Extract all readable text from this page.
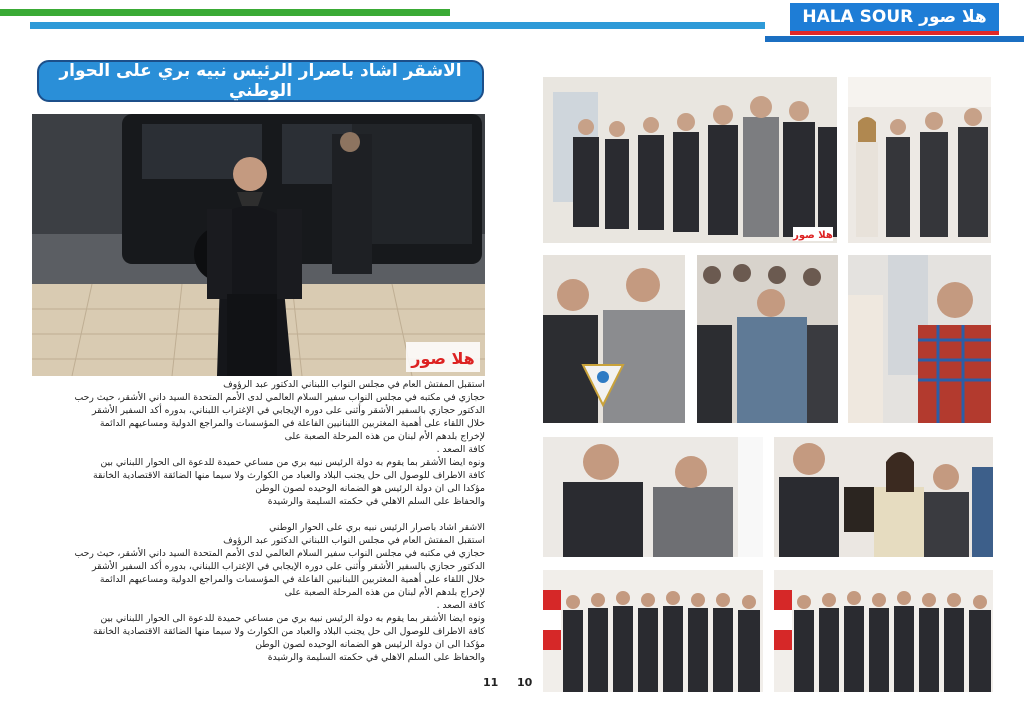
HALA SOUR هلا صور
الاشقر اشاد باصرار الرئيس نبيه بري على الحوار الوطني
هلا صور

استقبل المفتش العام في مجلس النواب اللبناني الدكتور عبد الرؤوف

حجازي في مكتبه في مجلس النواب سفير السلام العالمي لدى الأمم المتحدة السيد داني الأشقر، حيث رحب

الدكتور حجازي بالسفير الأشقر وأثنى على دوره الإيجابي في الإغتراب اللبناني، بدوره أكد السفير الأشقر

خلال اللقاء على أهمية المغتربين اللبنانيين الفاعلة في المؤسسات والمراجع الدولية ومساعيهم الدائمة

لإخراج بلدهم الأم لبنان من هذه المرحلة الصعبة على

كافة الصعد .

ونوه ايضا الأشقر بما يقوم به دولة الرئيس نبيه بري من مساعي حميدة للدعوة الى الحوار اللبناني بين

كافة الاطراف للوصول الى حل يجنب البلاد والعباد من الكوارث ولا سيما منها الضائقة الاقتصادية الخانقة

مؤكدا الى ان دولة الرئيس هو الضمانه الوحيده لصون الوطن

والحفاظ على السلم الاهلي في حكمته السليمة والرشيدة

الاشقر اشاد باصرار الرئيس نبيه بري على الحوار الوطني

استقبل المفتش العام في مجلس النواب اللبناني الدكتور عبد الرؤوف

حجازي في مكتبه في مجلس النواب سفير السلام العالمي لدى الأمم المتحدة السيد داني الأشقر، حيث رحب

الدكتور حجازي بالسفير الأشقر وأثنى على دوره الإيجابي في الإغتراب اللبناني، بدوره أكد السفير الأشقر

خلال اللقاء على أهمية المغتربين اللبنانيين الفاعلة في المؤسسات والمراجع الدولية ومساعيهم الدائمة

لإخراج بلدهم الأم لبنان من هذه المرحلة الصعبة على

كافة الصعد .

ونوه ايضا الأشقر بما يقوم به دولة الرئيس نبيه بري من مساعي حميدة للدعوة الى الحوار اللبناني بين

كافة الاطراف للوصول الى حل يجنب البلاد والعباد من الكوارث ولا سيما منها الضائقة الاقتصادية الخانقة

مؤكدا الى ان دولة الرئيس هو الضمانه الوحيده لصون الوطن

والحفاظ على السلم الاهلي في حكمته السليمة والرشيدة

11 10
هلا صور
